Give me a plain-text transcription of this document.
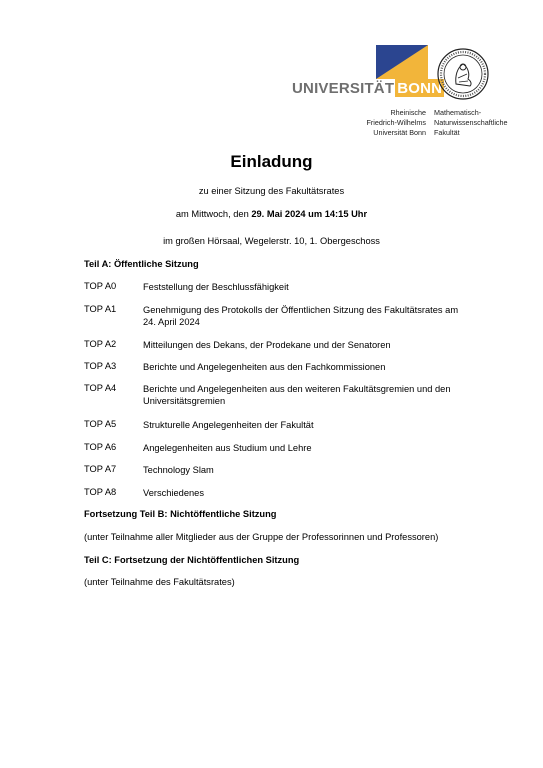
UNIVERSITÄT BONN
Rheinische
Friedrich-Wilhelms
Universität Bonn
Mathematisch-
Naturwissenschaftliche
Fakultät
Einladung
zu einer Sitzung des Fakultätsrates
am Mittwoch, den 29. Mai 2024 um 14:15 Uhr
im großen Hörsaal, Wegelerstr. 10, 1. Obergeschoss
Teil A: Öffentliche Sitzung
TOP A0	Feststellung der Beschlussfähigkeit
TOP A1	Genehmigung des Protokolls der Öffentlichen Sitzung des Fakultätsrates am 24. April 2024
TOP A2	Mitteilungen des Dekans, der Prodekane und der Senatoren
TOP A3	Berichte und Angelegenheiten aus den Fachkommissionen
TOP A4	Berichte und Angelegenheiten aus den weiteren Fakultätsgremien und den Universitätsgremien
TOP A5	Strukturelle Angelegenheiten der Fakultät
TOP A6	Angelegenheiten aus Studium und Lehre
TOP A7	Technology Slam
TOP A8	Verschiedenes
Fortsetzung Teil B: Nichtöffentliche Sitzung
(unter Teilnahme aller Mitglieder aus der Gruppe der Professorinnen und Professoren)
Teil C: Fortsetzung der Nichtöffentlichen Sitzung
(unter Teilnahme des Fakultätsrates)
